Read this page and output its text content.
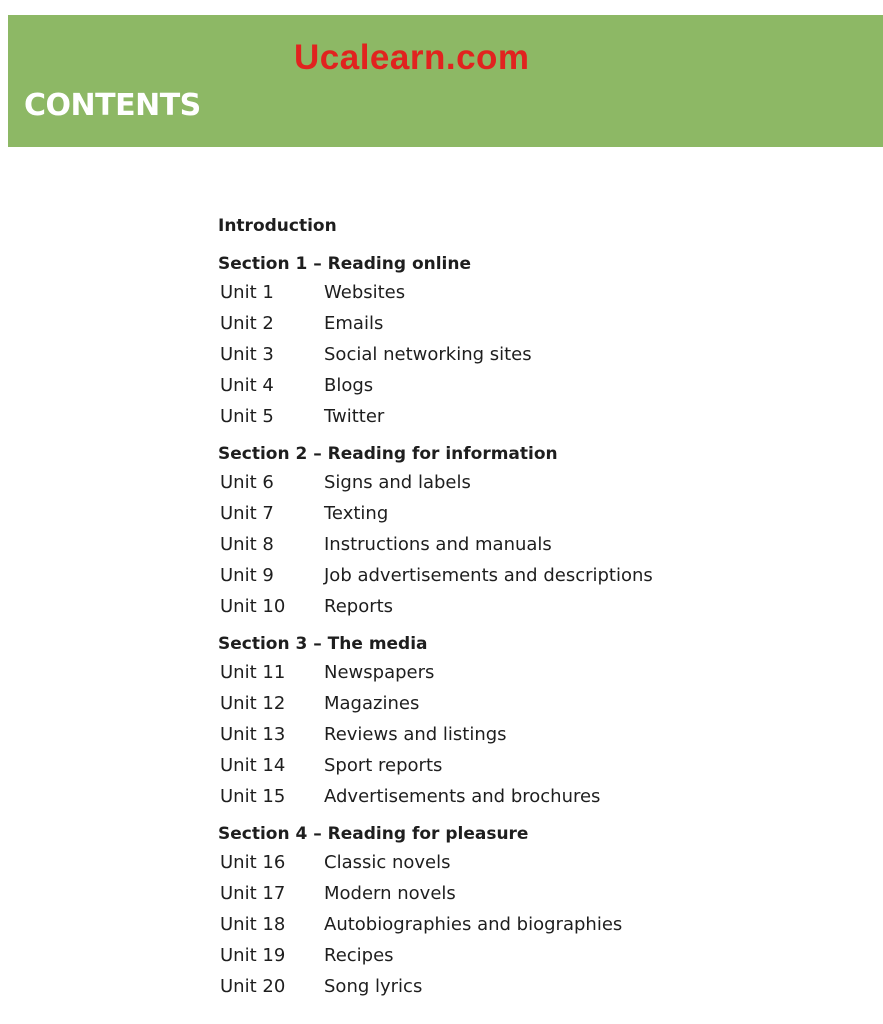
CONTENTS
Ucalearn.com
Introduction
Section 1 – Reading online
Unit 1	Websites
Unit 2	Emails
Unit 3	Social networking sites
Unit 4	Blogs
Unit 5	Twitter
Section 2 – Reading for information
Unit 6	Signs and labels
Unit 7	Texting
Unit 8	Instructions and manuals
Unit 9	Job advertisements and descriptions
Unit 10	Reports
Section 3 – The media
Unit 11	Newspapers
Unit 12	Magazines
Unit 13	Reviews and listings
Unit 14	Sport reports
Unit 15	Advertisements and brochures
Section 4 – Reading for pleasure
Unit 16	Classic novels
Unit 17	Modern novels
Unit 18	Autobiographies and biographies
Unit 19	Recipes
Unit 20	Song lyrics
